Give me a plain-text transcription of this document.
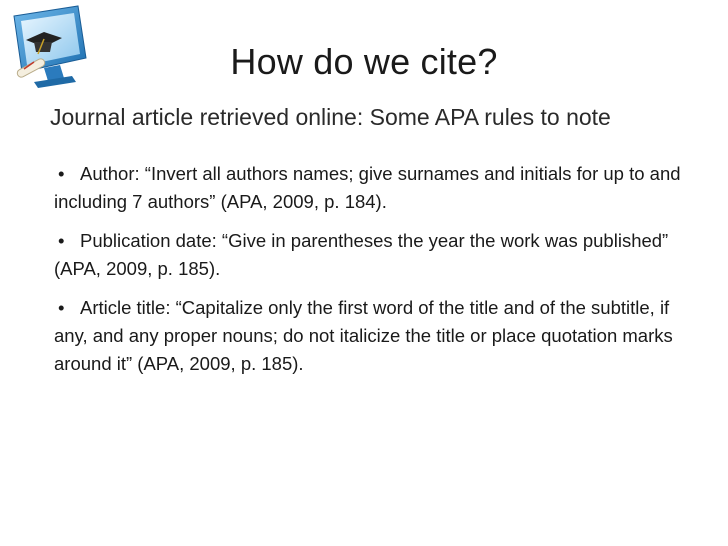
How do we cite?
Journal article retrieved online: Some APA rules to note
• Author: “Invert all authors names; give surnames and initials for up to and including 7 authors” (APA, 2009, p. 184).
• Publication date: “Give in parentheses the year the work was published” (APA, 2009, p. 185).
• Article title: “Capitalize only the first word of the title and of the subtitle, if any, and any proper nouns; do not italicize the title or place quotation marks around it” (APA, 2009, p. 185).
